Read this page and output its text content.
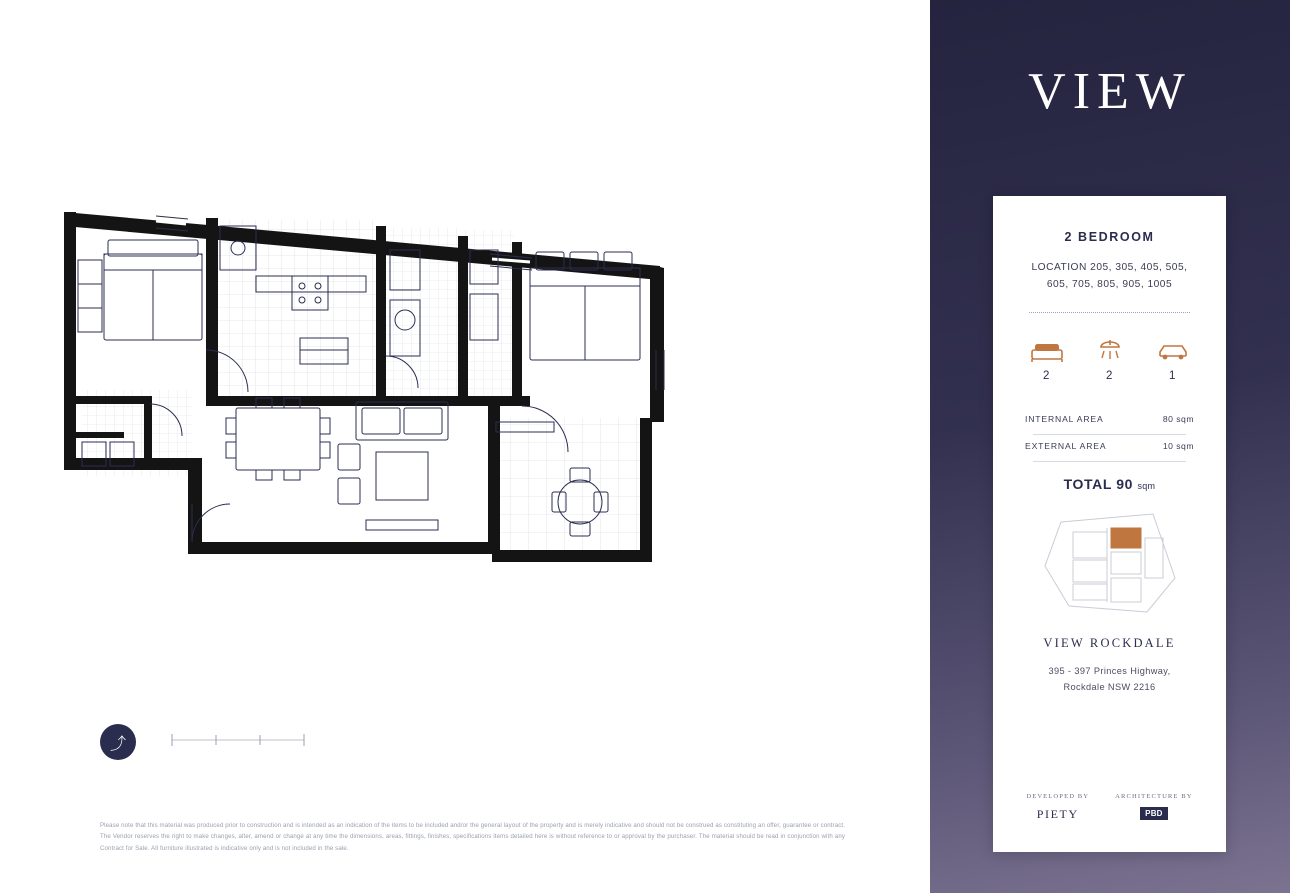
⤴
Please note that this material was produced prior to construction and is intended as an indication of the items to be included and/or the general layout of the property and is merely indicative and should not be construed as constituting an offer, guarantee or contract. The Vendor reserves the right to make changes, alter, amend or change at any time the dimensions, areas, fittings, finishes, specifications items detailed here is without reference to or approval by the purchaser. The material should be read in conjunction with any Contract for Sale. All furniture illustrated is indicative only and is not included in the sale.
VIEW
2 BEDROOM
LOCATION 205, 305, 405, 505,
605, 705, 805, 905, 1005
2	2	1
INTERNAL AREA	80 sqm
EXTERNAL AREA	10 sqm
TOTAL 90 sqm
VIEW ROCKDALE
395 - 397 Princes Highway,
Rockdale NSW 2216
DEVELOPED BY
PIETY
ARCHITECTURE BY
PBD
